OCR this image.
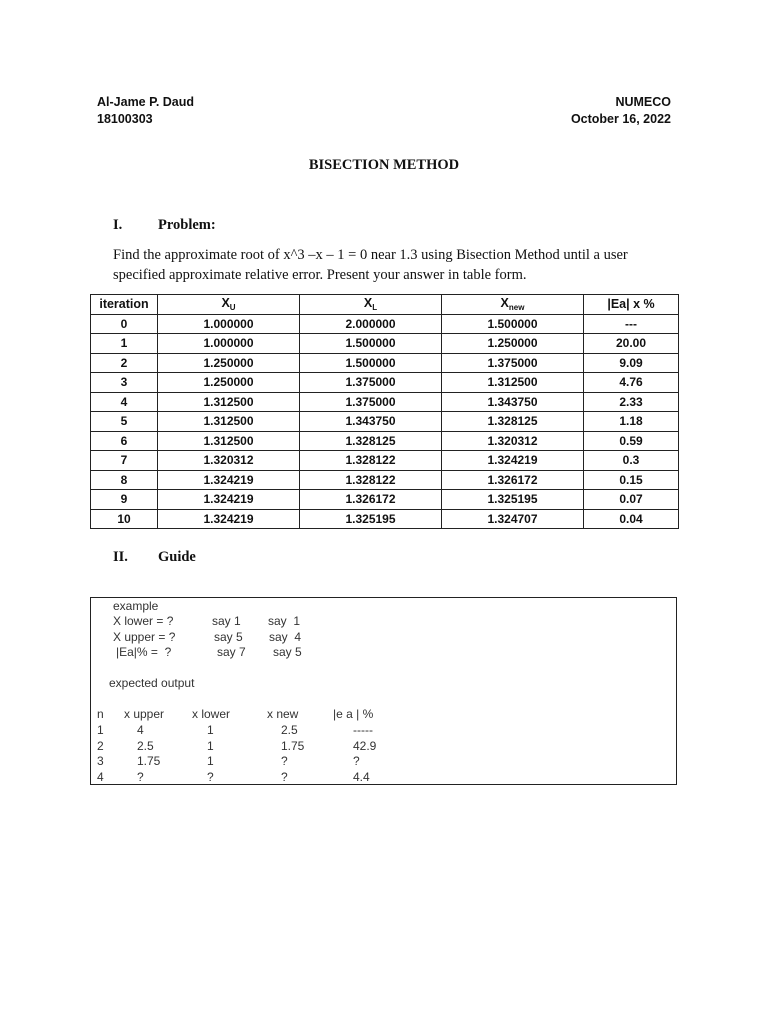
Al-Jame P. Daud
18100303
NUMECO
October 16, 2022
BISECTION METHOD
I. Problem:
Find the approximate root of x^3 –x – 1 = 0 near 1.3 using Bisection Method until a user specified approximate relative error. Present your answer in table form.
iteration	$X_U$	$X_L$	$X_{new}$	|Ea| x %
0	1.000000	2.000000	1.500000	---
1	1.000000	1.500000	1.250000	20.00
2	1.250000	1.500000	1.375000	9.09
3	1.250000	1.375000	1.312500	4.76
4	1.312500	1.375000	1.343750	2.33
5	1.312500	1.343750	1.328125	1.18
6	1.312500	1.328125	1.320312	0.59
7	1.320312	1.328122	1.324219	0.3
8	1.324219	1.328122	1.326172	0.15
9	1.324219	1.326172	1.325195	0.07
10	1.324219	1.325195	1.324707	0.04
II. Guide
example
X lower = ?	say 1 say  1
X upper = ?	say 5 say  4
|Ea|% =  ?	say 7 say 5
expected output
n x upper x lower	x new	|e a | %
1	4	1	2.5	-----
2	2.5	1	1.75	42.9
3	1.75	1	?	?
4	?	?	?	4.4
